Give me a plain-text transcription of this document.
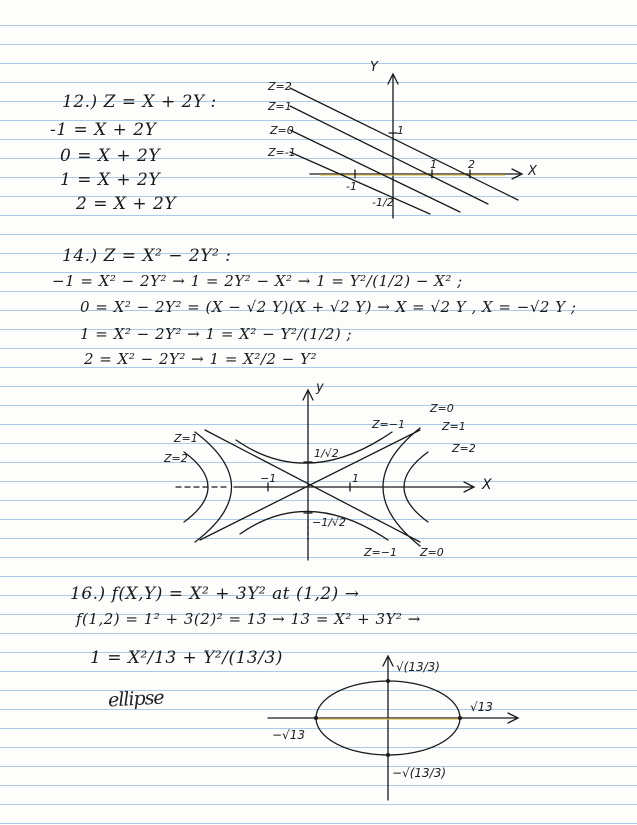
12.) Z = X + 2Y :
-1 = X + 2Y
0 = X + 2Y
1 = X + 2Y
2 = X + 2Y
Y
X
Z=2
Z=1
Z=0
Z=-1
1
1	2
-1
-1/2
14.) Z = X² − 2Y² :
−1 = X² − 2Y² → 1 = 2Y² − X² → 1 = Y²/(1/2) − X² ;
0 = X² − 2Y² = (X − √2 Y)(X + √2 Y) → X = √2 Y , X = −√2 Y ;
1 = X² − 2Y² → 1 = X² − Y²/(1/2) ;
2 = X² − 2Y² → 1 = X²/2 − Y²
y
X
Z=−1
Z=0
Z=1
Z=2
Z=1
Z=2
Z=−1 Z=0
1/√2
−1/√2
−1	1
16.) f(X,Y) = X² + 3Y² at (1,2) →
f(1,2) = 1² + 3(2)² = 13 → 13 = X² + 3Y² →
1 = X²/13 + Y²/(13/3)
ellipse
√(13/3)
√13
−√13
−√(13/3)
